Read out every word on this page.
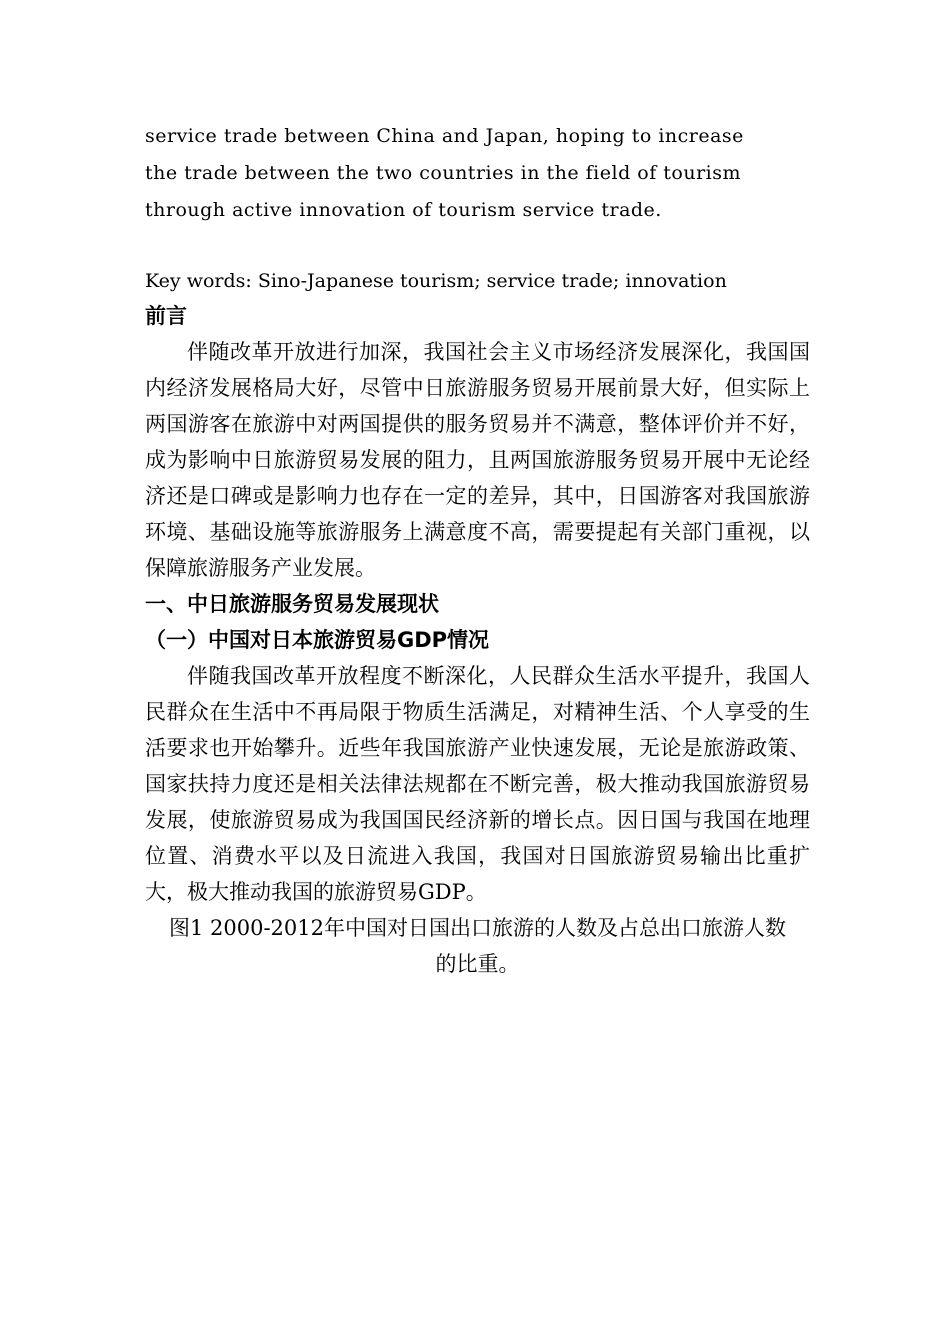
service trade between China and Japan, hoping to increase
the trade between the two countries in the field of tourism
through active innovation of tourism service trade.

Key words: Sino-Japanese tourism; service trade; innovation

前言

伴随改革开放进行加深，我国社会主义市场经济发展深化，我国国内经济发展格局大好，尽管中日旅游服务贸易开展前景大好，但实际上两国游客在旅游中对两国提供的服务贸易并不满意，整体评价并不好，成为影响中日旅游贸易发展的阻力，且两国旅游服务贸易开展中无论经济还是口碑或是影响力也存在一定的差异，其中，日国游客对我国旅游环境、基础设施等旅游服务上满意度不高，需要提起有关部门重视，以保障旅游服务产业发展。

一、中日旅游服务贸易发展现状
（一）中国对日本旅游贸易GDP情况

伴随我国改革开放程度不断深化，人民群众生活水平提升，我国人民群众在生活中不再局限于物质生活满足，对精神生活、个人享受的生活要求也开始攀升。近些年我国旅游产业快速发展，无论是旅游政策、国家扶持力度还是相关法律法规都在不断完善，极大推动我国旅游贸易发展，使旅游贸易成为我国国民经济新的增长点。因日国与我国在地理位置、消费水平以及日流进入我国，我国对日国旅游贸易输出比重扩大，极大推动我国的旅游贸易GDP。

图1 2000-2012年中国对日国出口旅游的人数及占总出口旅游人数
的比重。
